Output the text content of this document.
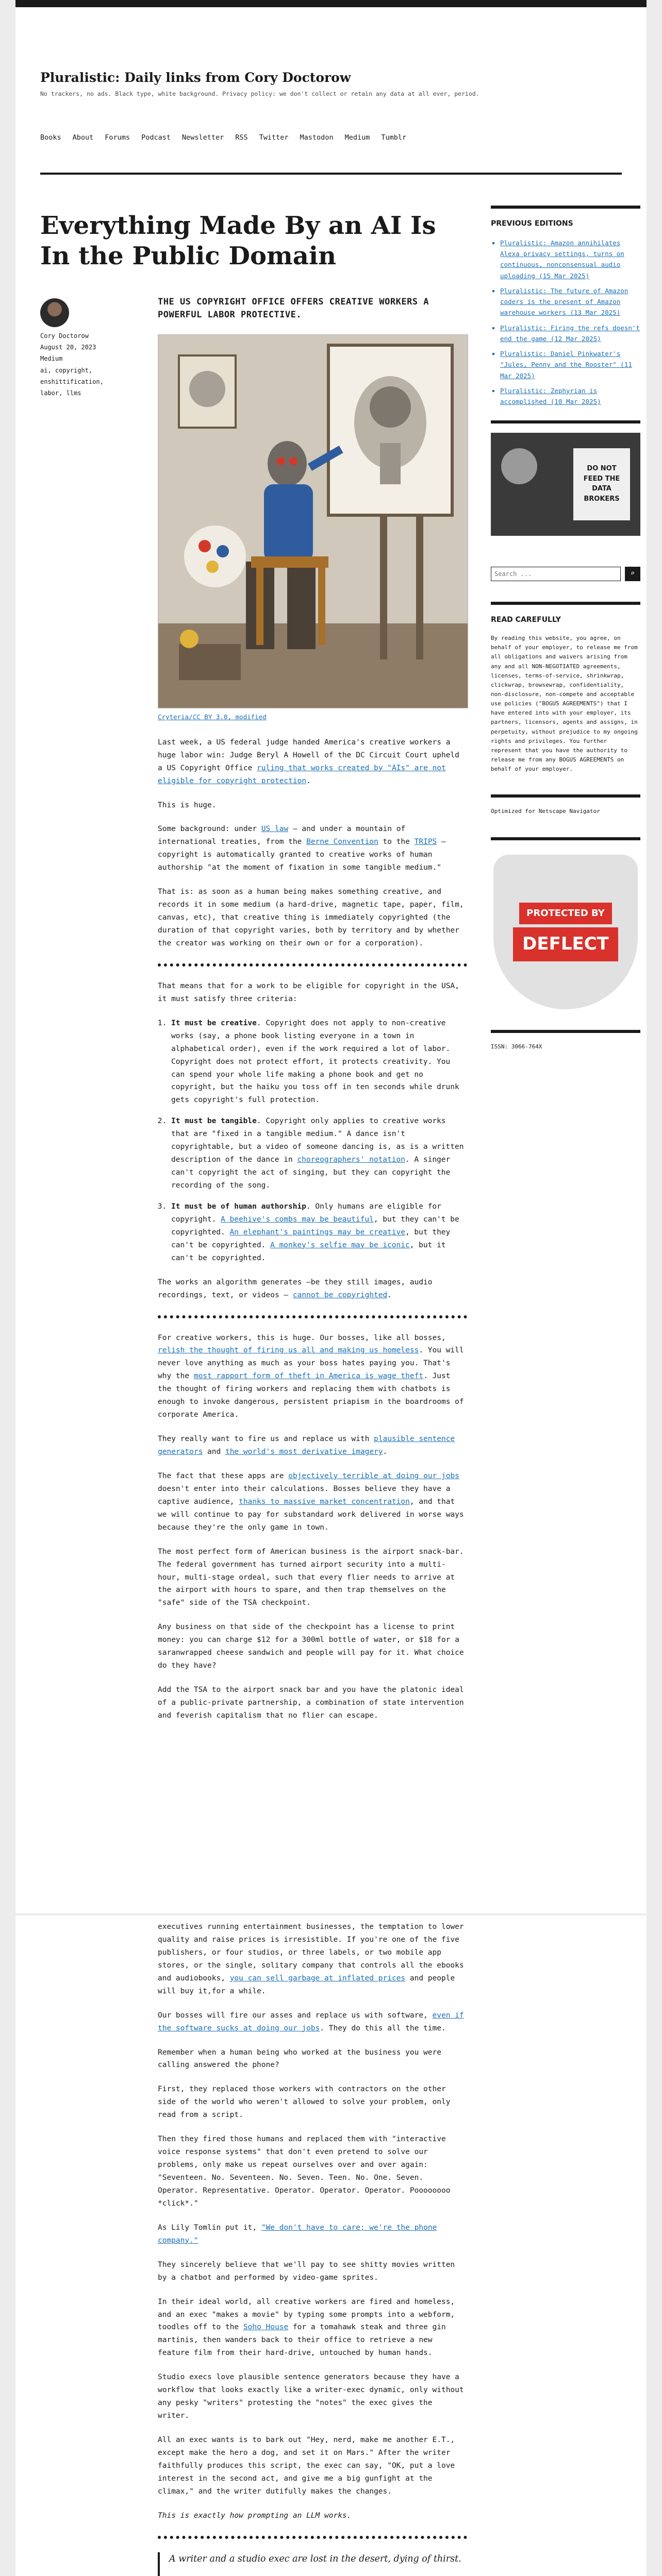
Pluralistic: Daily links from Cory Doctorow
No trackers, no ads. Black type, white background. Privacy policy: we don't collect or retain any data at all ever, period.
Books About Forums Podcast Newsletter RSS Twitter Mastodon Medium Tumblr
Everything Made By an AI Is In the Public Domain
Cory Doctorow
August 20, 2023
Medium
ai, copyright, enshittification, labor, llms
THE US COPYRIGHT OFFICE OFFERS CREATIVE WORKERS A POWERFUL LABOR PROTECTIVE.
Cryteria/CC BY 3.0, modified

Last week, a US federal judge handed America's creative workers a huge labor win: Judge Beryl A Howell of the DC Circuit Court upheld a US Copyright Office ruling that works created by "AIs" are not eligible for copyright protection.

This is huge.

Some background: under US law – and under a mountain of international treaties, from the Berne Convention to the TRIPS –copyright is automatically granted to creative works of human authorship "at the moment of fixation in some tangible medium."

That is: as soon as a human being makes something creative, and records it in some medium (a hard-drive, magnetic tape, paper, film, canvas, etc), that creative thing is immediately copyrighted (the duration of that copyright varies, both by territory and by whether the creator was working on their own or for a corporation).

That means that for a work to be eligible for copyright in the USA, it must satisfy three criteria:

1. It must be creative. Copyright does not apply to non-creative works (say, a phone book listing everyone in a town in alphabetical order), even if the work required a lot of labor. Copyright does not protect effort, it protects creativity. You can spend your whole life making a phone book and get no copyright, but the haiku you toss off in ten seconds while drunk gets copyright's full protection.
2. It must be tangible. Copyright only applies to creative works that are "fixed in a tangible medium." A dance isn't copyrightable, but a video of someone dancing is, as is a written description of the dance in choreographers' notation. A singer can't copyright the act of singing, but they can copyright the recording of the song.
3. It must be of human authorship. Only humans are eligible for copyright. A beehive's combs may be beautiful, but they can't be copyrighted. An elephant's paintings may be creative, but they can't be copyrighted. A monkey's selfie may be iconic, but it can't be copyrighted.

The works an algorithm generates –be they still images, audio recordings, text, or videos – cannot be copyrighted.

For creative workers, this is huge. Our bosses, like all bosses, relish the thought of firing us all and making us homeless. You will never love anything as much as your boss hates paying you. That's why the most rapport form of theft in America is wage theft. Just the thought of firing workers and replacing them with chatbots is enough to invoke dangerous, persistent priapism in the boardrooms of corporate America.

They really want to fire us and replace us with plausible sentence generators and the world's most derivative imagery.

The fact that these apps are objectively terrible at doing our jobs doesn't enter into their calculations. Bosses believe they have a captive audience, thanks to massive market concentration, and that we will continue to pay for substandard work delivered in worse ways because they're the only game in town.

The most perfect form of American business is the airport snack-bar. The federal government has turned airport security into a multi-hour, multi-stage ordeal, such that every flier needs to arrive at the airport with hours to spare, and then trap themselves on the "safe" side of the TSA checkpoint.

Any business on that side of the checkpoint has a license to print money: you can charge $12 for a 300ml bottle of water, or $18 for a saranwrapped cheese sandwich and people will pay for it. What choice do they have?

Add the TSA to the airport snack bar and you have the platonic ideal of a public-private partnership, a combination of state intervention and feverish capitalism that no flier can escape.

PREVIOUS EDITIONS
▪ Pluralistic: Amazon annihilates Alexa privacy settings, turns on continuous, nonconsensual audio uploading (15 Mar 2025)
▪ Pluralistic: The future of Amazon coders is the present of Amazon warehouse workers (13 Mar 2025)
▪ Pluralistic: Firing the refs doesn't end the game (12 Mar 2025)
▪ Pluralistic: Daniel Pinkwater's "Jules, Penny and the Rooster" (11 Mar 2025)
▪ Pluralistic: Zephyrian is accomplished (10 Mar 2025)
DO NOT
FEED THE
DATA
BROKERS
Search ...
⌕
READ CAREFULLY
By reading this website, you agree, on behalf of your employer, to release me from all obligations and waivers arising from any and all NON-NEGOTIATED agreements, licenses, terms-of-service, shrinkwrap, clickwrap, browsewrap, confidentiality, non-disclosure, non-compete and acceptable use policies ("BOGUS AGREEMENTS") that I have entered into with your employer, its partners, licensors, agents and assigns, in perpetuity, without prejudice to my ongoing rights and privileges. You further represent that you have the authority to release me from any BOGUS AGREEMENTS on behalf of your employer.
Optimized for Netscape Navigator
PROTECTED BY
DEFLECT
ISSN: 3066-764X

executives running entertainment businesses, the temptation to lower quality and raise prices is irresistible. If you're one of the five publishers, or four studios, or three labels, or two mobile app stores, or the single, solitary company that controls all the ebooks and audiobooks, you can sell garbage at inflated prices and people will buy it,for a while.

Our bosses will fire our asses and replace us with software, even if the software sucks at doing our jobs. They do this all the time.

Remember when a human being who worked at the business you were calling answered the phone?

First, they replaced those workers with contractors on the other side of the world who weren't allowed to solve your problem, only read from a script.

Then they fired those humans and replaced them with "interactive voice response systems" that don't even pretend to solve our problems, only make us repeat ourselves over and over again: "Seventeen. No. Seventeen. No. Seven. Teen. No. One. Seven. Operator. Representative. Operator. Operator. Operator. Poooooooo *click*."

As Lily Tomlin put it, "We don't have to care; we're the phone company."

They sincerely believe that we'll pay to see shitty movies written by a chatbot and performed by video-game sprites.

In their ideal world, all creative workers are fired and homeless, and an exec "makes a movie" by typing some prompts into a webform, toodles off to the Soho House for a tomahawk steak and three gin martinis, then wanders back to their office to retrieve a new feature film from their hard-drive, untouched by human hands.

Studio execs love plausible sentence generators because they have a workflow that looks exactly like a writer-exec dynamic, only without any pesky "writers" protesting the "notes" the exec gives the writer.

All an exec wants is to bark out "Hey, nerd, make me another E.T., except make the hero a dog, and set it on Mars." After the writer faithfully produces this script, the exec can say, "OK, put a love interest in the second act, and give me a big gunfight at the climax," and the writer dutifully makes the changes.

This is exactly how prompting an LLM works.

A writer and a studio exec are lost in the desert, dying of thirst.
